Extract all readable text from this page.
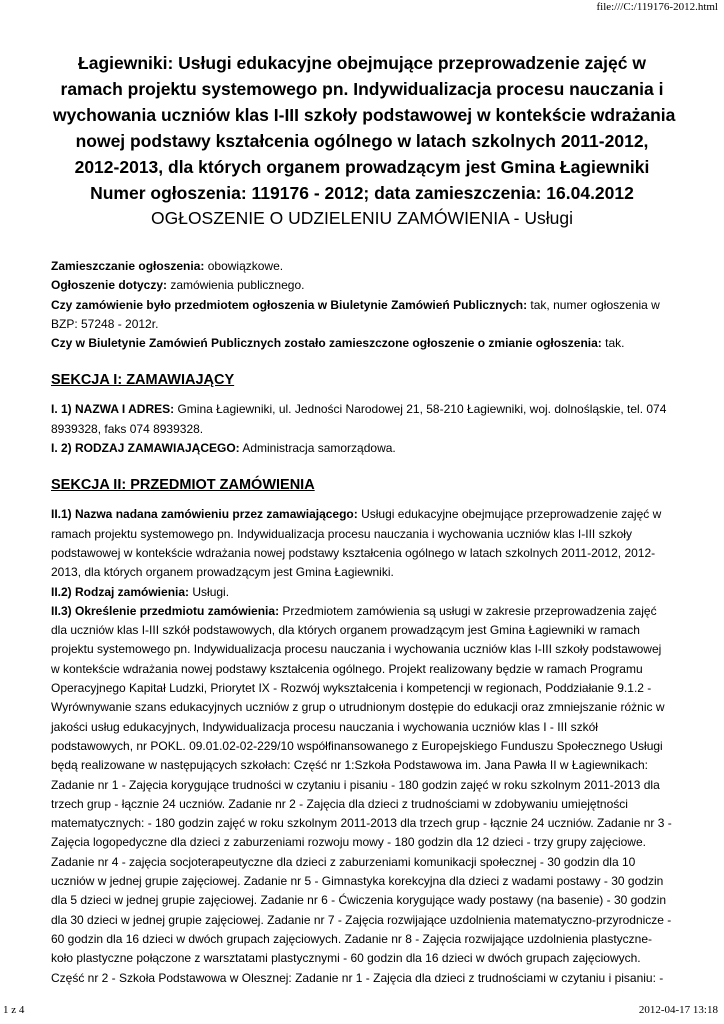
file:///C:/119176-2012.html
Łagiewniki: Usługi edukacyjne obejmujące przeprowadzenie zajęć w
ramach projektu systemowego pn. Indywidualizacja procesu nauczania i
wychowania uczniów klas I-III szkoły podstawowej w kontekście wdrażania
nowej podstawy kształcenia ogólnego w latach szkolnych 2011-2012,
2012-2013, dla których organem prowadzącym jest Gmina Łagiewniki
Numer ogłoszenia: 119176 - 2012; data zamieszczenia: 16.04.2012
OGŁOSZENIE O UDZIELENIU ZAMÓWIENIA - Usługi

Zamieszczanie ogłoszenia: obowiązkowe.

Ogłoszenie dotyczy: zamówienia publicznego.

Czy zamówienie było przedmiotem ogłoszenia w Biuletynie Zamówień Publicznych: tak, numer ogłoszenia w BZP: 57248 - 2012r.

Czy w Biuletynie Zamówień Publicznych zostało zamieszczone ogłoszenie o zmianie ogłoszenia: tak.

SEKCJA I: ZAMAWIAJĄCY

I. 1) NAZWA I ADRES: Gmina Łagiewniki, ul. Jedności Narodowej 21, 58-210 Łagiewniki, woj. dolnośląskie, tel. 074 8939328, faks 074 8939328.

I. 2) RODZAJ ZAMAWIAJĄCEGO: Administracja samorządowa.

SEKCJA II: PRZEDMIOT ZAMÓWIENIA

II.1) Nazwa nadana zamówieniu przez zamawiającego: Usługi edukacyjne obejmujące przeprowadzenie zajęć w ramach projektu systemowego pn. Indywidualizacja procesu nauczania i wychowania uczniów klas I-III szkoły podstawowej w kontekście wdrażania nowej podstawy kształcenia ogólnego w latach szkolnych 2011-2012, 2012-2013, dla których organem prowadzącym jest Gmina Łagiewniki.

II.2) Rodzaj zamówienia: Usługi.

II.3) Określenie przedmiotu zamówienia: Przedmiotem zamówienia są usługi w zakresie przeprowadzenia zajęć dla uczniów klas I-III szkół podstawowych, dla których organem prowadzącym jest Gmina Łagiewniki w ramach projektu systemowego pn. Indywidualizacja procesu nauczania i wychowania uczniów klas I-III szkoły podstawowej w kontekście wdrażania nowej podstawy kształcenia ogólnego. Projekt realizowany będzie w ramach Programu Operacyjnego Kapitał Ludzki, Priorytet IX - Rozwój wykształcenia i kompetencji w regionach, Poddziałanie 9.1.2 - Wyrównywanie szans edukacyjnych uczniów z grup o utrudnionym dostępie do edukacji oraz zmniejszanie różnic w jakości usług edukacyjnych, Indywidualizacja procesu nauczania i wychowania uczniów klas I - III szkół podstawowych, nr POKL. 09.01.02-02-229/10 współfinansowanego z Europejskiego Funduszu Społecznego Usługi będą realizowane w następujących szkołach: Część nr 1:Szkoła Podstawowa im. Jana Pawła II w Łagiewnikach: Zadanie nr 1 - Zajęcia korygujące trudności w czytaniu i pisaniu - 180 godzin zajęć w roku szkolnym 2011-2013 dla trzech grup - łącznie 24 uczniów. Zadanie nr 2 - Zajęcia dla dzieci z trudnościami w zdobywaniu umiejętności matematycznych: - 180 godzin zajęć w roku szkolnym 2011-2013 dla trzech grup - łącznie 24 uczniów. Zadanie nr 3 - Zajęcia logopedyczne dla dzieci z zaburzeniami rozwoju mowy - 180 godzin dla 12 dzieci - trzy grupy zajęciowe. Zadanie nr 4 - zajęcia socjoterapeutyczne dla dzieci z zaburzeniami komunikacji społecznej - 30 godzin dla 10 uczniów w jednej grupie zajęciowej. Zadanie nr 5 - Gimnastyka korekcyjna dla dzieci z wadami postawy - 30 godzin dla 5 dzieci w jednej grupie zajęciowej. Zadanie nr 6 - Ćwiczenia korygujące wady postawy (na basenie) - 30 godzin dla 30 dzieci w jednej grupie zajęciowej. Zadanie nr 7 - Zajęcia rozwijające uzdolnienia matematyczno-przyrodnicze - 60 godzin dla 16 dzieci w dwóch grupach zajęciowych. Zadanie nr 8 - Zajęcia rozwijające uzdolnienia plastyczne-koło plastyczne połączone z warsztatami plastycznymi - 60 godzin dla 16 dzieci w dwóch grupach zajęciowych. Część nr 2 - Szkoła Podstawowa w Olesznej: Zadanie nr 1 - Zajęcia dla dzieci z trudnościami w czytaniu i pisaniu: -

1 z 4	2012-04-17 13:18
